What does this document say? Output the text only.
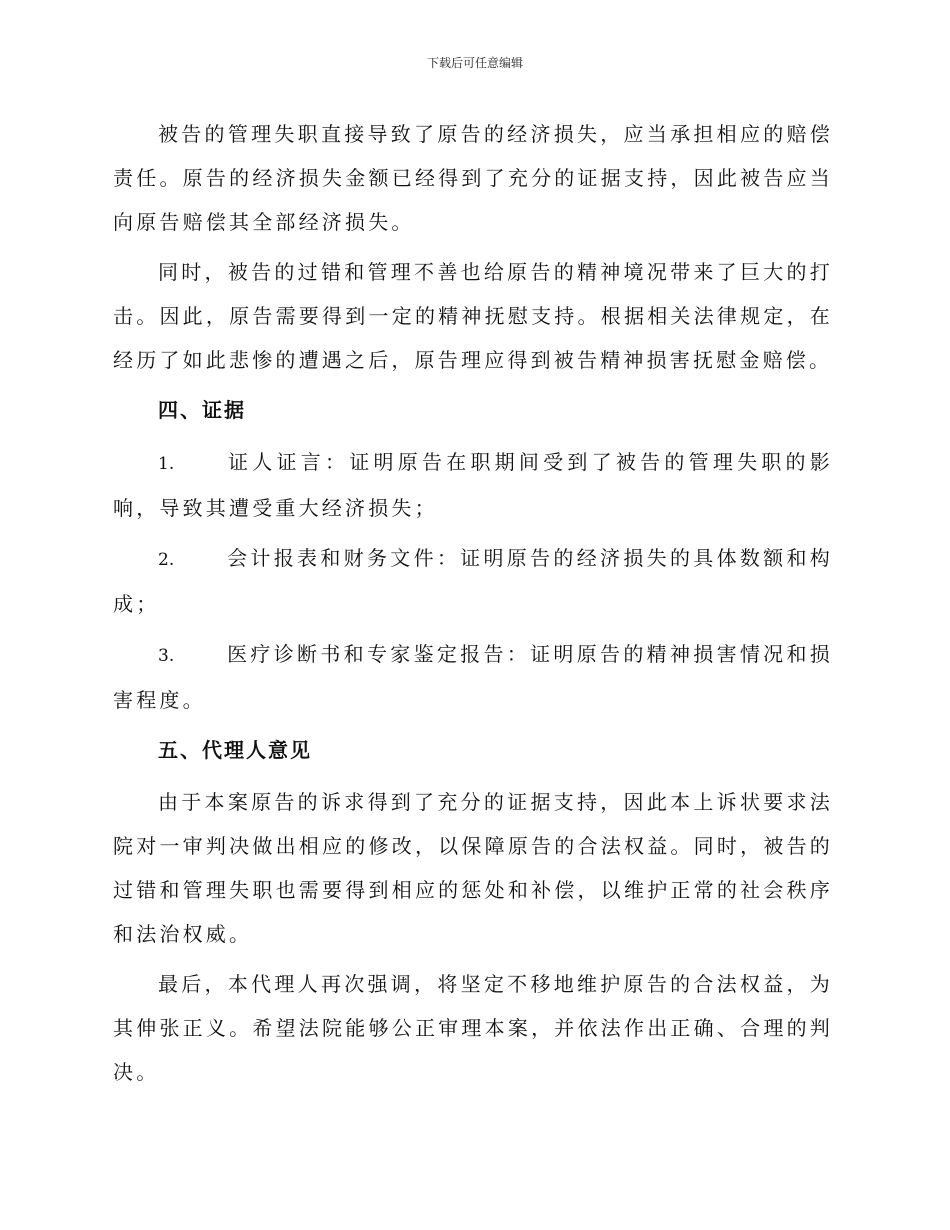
下载后可任意编辑

被告的管理失职直接导致了原告的经济损失，应当承担相应的赔偿责任。原告的经济损失金额已经得到了充分的证据支持，因此被告应当向原告赔偿其全部经济损失。

同时，被告的过错和管理不善也给原告的精神境况带来了巨大的打击。因此，原告需要得到一定的精神抚慰支持。根据相关法律规定，在经历了如此悲惨的遭遇之后，原告理应得到被告精神损害抚慰金赔偿。

四、证据

1.	证人证言：证明原告在职期间受到了被告的管理失职的影响，导致其遭受重大经济损失；

2.	会计报表和财务文件：证明原告的经济损失的具体数额和构成；

3.	医疗诊断书和专家鉴定报告：证明原告的精神损害情况和损害程度。

五、代理人意见

由于本案原告的诉求得到了充分的证据支持，因此本上诉状要求法院对一审判决做出相应的修改，以保障原告的合法权益。同时，被告的过错和管理失职也需要得到相应的惩处和补偿，以维护正常的社会秩序和法治权威。

最后，本代理人再次强调，将坚定不移地维护原告的合法权益，为其伸张正义。希望法院能够公正审理本案，并依法作出正确、合理的判决。
